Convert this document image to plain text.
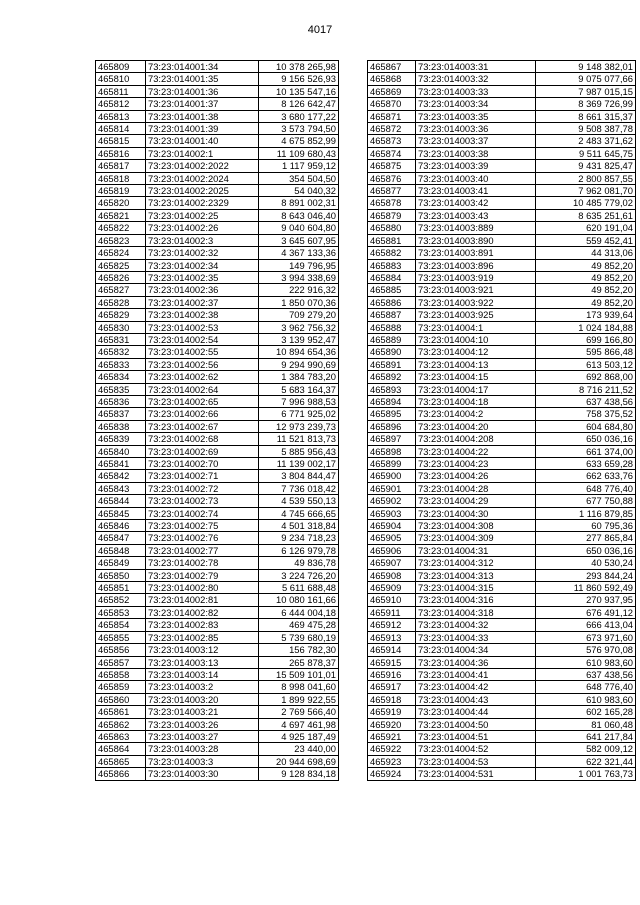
4017
465809	73:23:014001:34	10 378 265,98
465810	73:23:014001:35	9 156 526,93
465811	73:23:014001:36	10 135 547,16
465812	73:23:014001:37	8 126 642,47
465813	73:23:014001:38	3 680 177,22
465814	73:23:014001:39	3 573 794,50
465815	73:23:014001:40	4 675 852,99
465816	73:23:014002:1	11 109 680,43
465817	73:23:014002:2022	1 117 959,12
465818	73:23:014002:2024	354 504,50
465819	73:23:014002:2025	54 040,32
465820	73:23:014002:2329	8 891 002,31
465821	73:23:014002:25	8 643 046,40
465822	73:23:014002:26	9 040 604,80
465823	73:23:014002:3	3 645 607,95
465824	73:23:014002:32	4 367 133,36
465825	73:23:014002:34	149 796,95
465826	73:23:014002:35	3 994 338,69
465827	73:23:014002:36	222 916,32
465828	73:23:014002:37	1 850 070,36
465829	73:23:014002:38	709 279,20
465830	73:23:014002:53	3 962 756,32
465831	73:23:014002:54	3 139 952,47
465832	73:23:014002:55	10 894 654,36
465833	73:23:014002:56	9 294 990,69
465834	73:23:014002:62	1 384 783,20
465835	73:23:014002:64	5 683 164,37
465836	73:23:014002:65	7 996 988,53
465837	73:23:014002:66	6 771 925,02
465838	73:23:014002:67	12 973 239,73
465839	73:23:014002:68	11 521 813,73
465840	73:23:014002:69	5 885 956,43
465841	73:23:014002:70	11 139 002,17
465842	73:23:014002:71	3 804 844,47
465843	73:23:014002:72	7 736 018,42
465844	73:23:014002:73	4 539 550,13
465845	73:23:014002:74	4 745 666,65
465846	73:23:014002:75	4 501 318,84
465847	73:23:014002:76	9 234 718,23
465848	73:23:014002:77	6 126 979,78
465849	73:23:014002:78	49 836,78
465850	73:23:014002:79	3 224 726,20
465851	73:23:014002:80	5 611 688,48
465852	73:23:014002:81	10 080 161,66
465853	73:23:014002:82	6 444 004,18
465854	73:23:014002:83	469 475,28
465855	73:23:014002:85	5 739 680,19
465856	73:23:014003:12	156 782,30
465857	73:23:014003:13	265 878,37
465858	73:23:014003:14	15 509 101,01
465859	73:23:014003:2	8 998 041,60
465860	73:23:014003:20	1 899 922,55
465861	73:23:014003:21	2 769 566,40
465862	73:23:014003:26	4 697 461,98
465863	73:23:014003:27	4 925 187,49
465864	73:23:014003:28	23 440,00
465865	73:23:014003:3	20 944 698,69
465866	73:23:014003:30	9 128 834,18
465867	73:23:014003:31	9 148 382,01
465868	73:23:014003:32	9 075 077,66
465869	73:23:014003:33	7 987 015,15
465870	73:23:014003:34	8 369 726,99
465871	73:23:014003:35	8 661 315,37
465872	73:23:014003:36	9 508 387,78
465873	73:23:014003:37	2 483 371,62
465874	73:23:014003:38	9 511 645,75
465875	73:23:014003:39	9 431 825,47
465876	73:23:014003:40	2 800 857,55
465877	73:23:014003:41	7 962 081,70
465878	73:23:014003:42	10 485 779,02
465879	73:23:014003:43	8 635 251,61
465880	73:23:014003:889	620 191,04
465881	73:23:014003:890	559 452,41
465882	73:23:014003:891	44 313,06
465883	73:23:014003:896	49 852,20
465884	73:23:014003:919	49 852,20
465885	73:23:014003:921	49 852,20
465886	73:23:014003:922	49 852,20
465887	73:23:014003:925	173 939,64
465888	73:23:014004:1	1 024 184,88
465889	73:23:014004:10	699 166,80
465890	73:23:014004:12	595 866,48
465891	73:23:014004:13	613 503,12
465892	73:23:014004:15	692 868,00
465893	73:23:014004:17	8 716 211,52
465894	73:23:014004:18	637 438,56
465895	73:23:014004:2	758 375,52
465896	73:23:014004:20	604 684,80
465897	73:23:014004:208	650 036,16
465898	73:23:014004:22	661 374,00
465899	73:23:014004:23	633 659,28
465900	73:23:014004:26	662 633,76
465901	73:23:014004:28	648 776,40
465902	73:23:014004:29	677 750,88
465903	73:23:014004:30	1 116 879,85
465904	73:23:014004:308	60 795,36
465905	73:23:014004:309	277 865,84
465906	73:23:014004:31	650 036,16
465907	73:23:014004:312	40 530,24
465908	73:23:014004:313	293 844,24
465909	73:23:014004:315	11 860 592,49
465910	73:23:014004:316	270 937,95
465911	73:23:014004:318	676 491,12
465912	73:23:014004:32	666 413,04
465913	73:23:014004:33	673 971,60
465914	73:23:014004:34	576 970,08
465915	73:23:014004:36	610 983,60
465916	73:23:014004:41	637 438,56
465917	73:23:014004:42	648 776,40
465918	73:23:014004:43	610 983,60
465919	73:23:014004:44	602 165,28
465920	73:23:014004:50	81 060,48
465921	73:23:014004:51	641 217,84
465922	73:23:014004:52	582 009,12
465923	73:23:014004:53	622 321,44
465924	73:23:014004:531	1 001 763,73
